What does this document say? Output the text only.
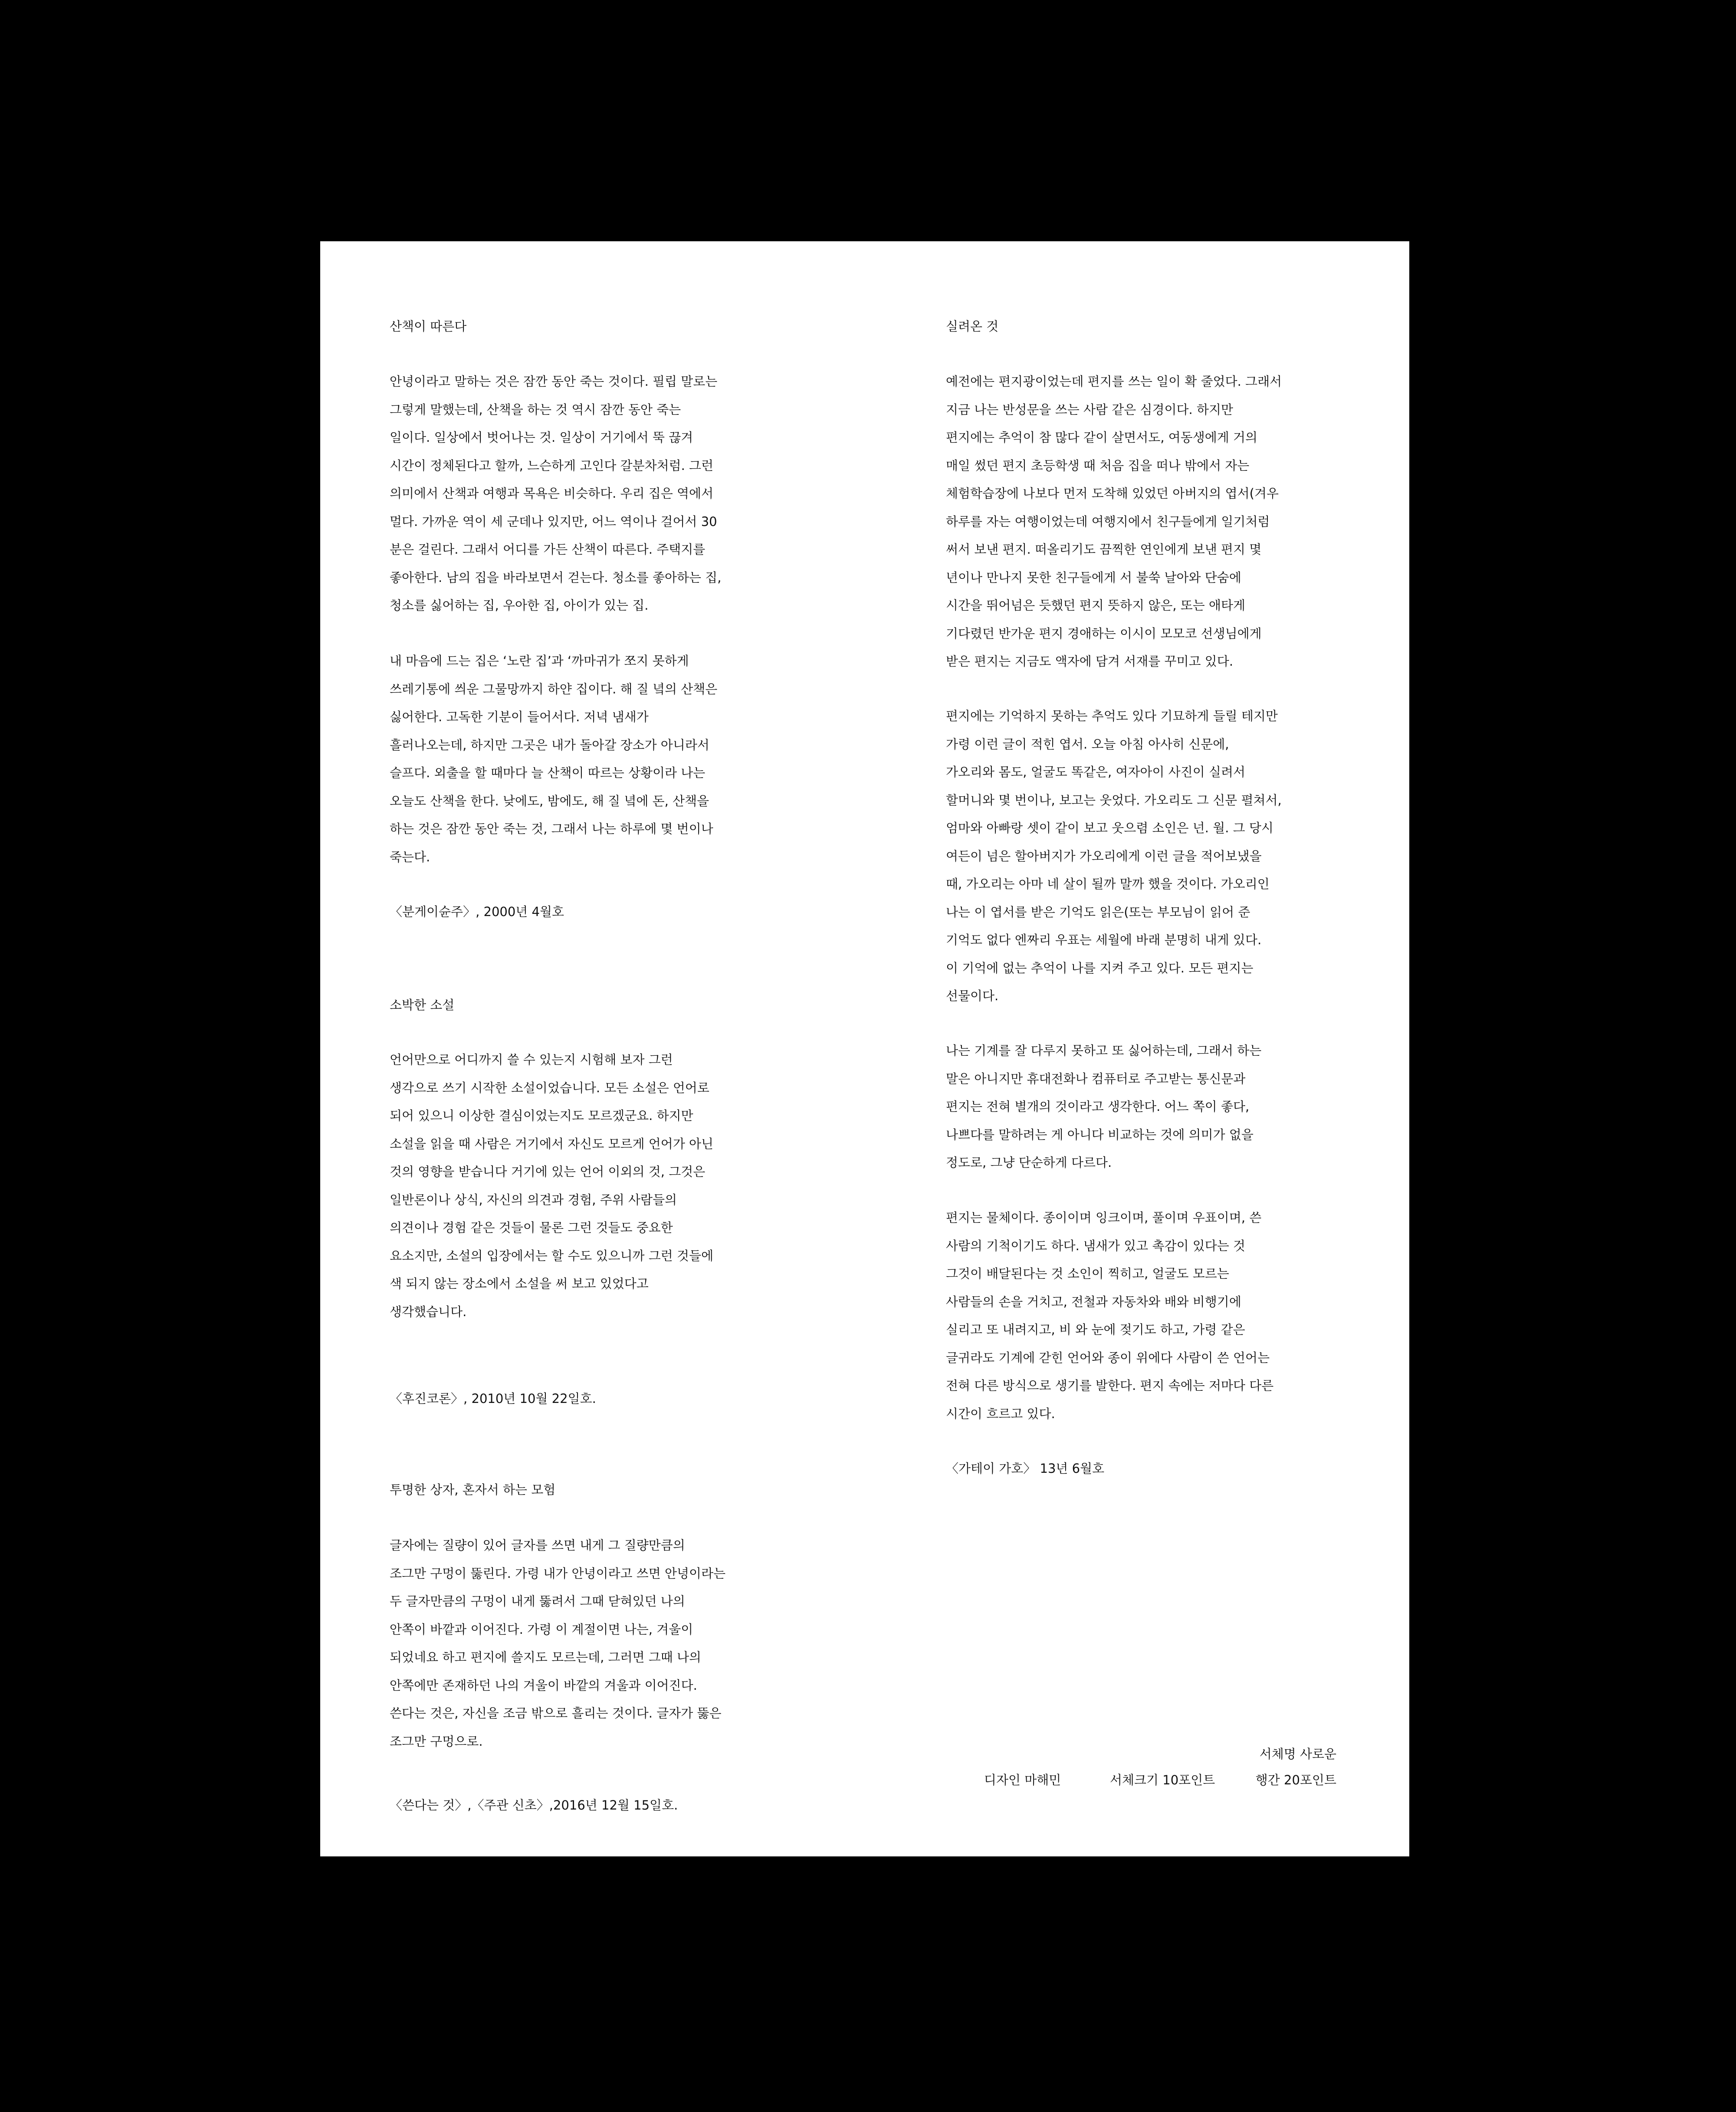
산책이 따른다

안녕이라고 말하는 것은 잠깐 동안 죽는 것이다. 필립 말로는
그렇게 말했는데, 산책을 하는 것 역시 잠깐 동안 죽는
일이다. 일상에서 벗어나는 것. 일상이 거기에서 뚝 끊겨
시간이 정체된다고 할까, 느슨하게 고인다 갈분차처럼. 그런
의미에서 산책과 여행과 목욕은 비슷하다. 우리 집은 역에서
멀다. 가까운 역이 세 군데나 있지만, 어느 역이나 걸어서 30
분은 걸린다. 그래서 어디를 가든 산책이 따른다. 주택지를
좋아한다. 남의 집을 바라보면서 걷는다. 청소를 좋아하는 집,
청소를 싫어하는 집, 우아한 집, 아이가 있는 집.

내 마음에 드는 집은 ‘노란 집’과 ‘까마귀가 쪼지 못하게
쓰레기통에 씌운 그물망까지 하얀 집이다. 해 질 녘의 산책은
싫어한다. 고독한 기분이 들어서다. 저녁 냄새가
흘러나오는데, 하지만 그곳은 내가 돌아갈 장소가 아니라서
슬프다. 외출을 할 때마다 늘 산책이 따르는 상황이라 나는
오늘도 산책을 한다. 낮에도, 밤에도, 해 질 녘에 돈, 산책을
하는 것은 잠깐 동안 죽는 것, 그래서 나는 하루에 몇 번이나
죽는다.

〈분게이슌주〉, 2000년 4월호
소박한 소설

언어만으로 어디까지 쓸 수 있는지 시험해 보자 그런
생각으로 쓰기 시작한 소설이었습니다. 모든 소설은 언어로
되어 있으니 이상한 결심이었는지도 모르겠군요. 하지만
소설을 읽을 때 사람은 거기에서 자신도 모르게 언어가 아닌
것의 영향을 받습니다 거기에 있는 언어 이외의 것, 그것은
일반론이나 상식, 자신의 의견과 경험, 주위 사람들의
의견이나 경험 같은 것들이 물론 그런 것들도 중요한
요소지만, 소설의 입장에서는 할 수도 있으니까 그런 것들에
색 되지 않는 장소에서 소설을 써 보고 있었다고
생각했습니다.

〈후진코론〉, 2010년 10월 22일호.
투명한 상자, 혼자서 하는 모험

글자에는 질량이 있어 글자를 쓰면 내게 그 질량만큼의
조그만 구멍이 뚫린다. 가령 내가 안녕이라고 쓰면 안녕이라는
두 글자만큼의 구멍이 내게 뚫려서 그때 닫혀있던 나의
안쪽이 바깥과 이어진다. 가령 이 계절이면 나는, 겨울이
되었네요 하고 편지에 쓸지도 모르는데, 그러면 그때 나의
안쪽에만 존재하던 나의 겨울이 바깥의 겨울과 이어진다.
쓴다는 것은, 자신을 조금 밖으로 흘리는 것이다. 글자가 뚫은
조그만 구멍으로.

〈쓴다는 것〉,〈주관 신초〉,2016년 12월 15일호.
실려온 것

예전에는 편지광이었는데 편지를 쓰는 일이 확 줄었다. 그래서
지금 나는 반성문을 쓰는 사람 같은 심경이다. 하지만
편지에는 추억이 참 많다 같이 살면서도, 여동생에게 거의
매일 썼던 편지 초등학생 때 처음 집을 떠나 밖에서 자는
체험학습장에 나보다 먼저 도착해 있었던 아버지의 엽서(겨우
하루를 자는 여행이었는데 여행지에서 친구들에게 일기처럼
써서 보낸 편지. 떠올리기도 끔찍한 연인에게 보낸 편지 몇
년이나 만나지 못한 친구들에게 서 불쑥 날아와 단숨에
시간을 뛰어넘은 듯했던 편지 뜻하지 않은, 또는 애타게
기다렸던 반가운 편지 경애하는 이시이 모모코 선생님에게
받은 편지는 지금도 액자에 담겨 서재를 꾸미고 있다.

편지에는 기억하지 못하는 추억도 있다 기묘하게 들릴 테지만
가령 이런 글이 적힌 엽서. 오늘 아침 아사히 신문에,
가오리와 몸도, 얼굴도 똑같은, 여자아이 사진이 실려서
할머니와 몇 번이나, 보고는 웃었다. 가오리도 그 신문 펼쳐서,
엄마와 아빠랑 셋이 같이 보고 웃으렴 소인은 넌. 월. 그 당시
여든이 넘은 할아버지가 가오리에게 이런 글을 적어보냈을
때, 가오리는 아마 네 살이 될까 말까 했을 것이다. 가오리인
나는 이 엽서를 받은 기억도 읽은(또는 부모님이 읽어 준
기억도 없다 엔짜리 우표는 세월에 바래 분명히 내게 있다.
이 기억에 없는 추억이 나를 지켜 주고 있다. 모든 편지는
선물이다.

나는 기계를 잘 다루지 못하고 또 싫어하는데, 그래서 하는
말은 아니지만 휴대전화나 컴퓨터로 주고받는 통신문과
편지는 전혀 별개의 것이라고 생각한다. 어느 쪽이 좋다,
나쁘다를 말하려는 게 아니다 비교하는 것에 의미가 없을
정도로, 그냥 단순하게 다르다.

편지는 물체이다. 종이이며 잉크이며, 풀이며 우표이며, 쓴
사람의 기척이기도 하다. 냄새가 있고 촉감이 있다는 것
그것이 배달된다는 것 소인이 찍히고, 얼굴도 모르는
사람들의 손을 거치고, 전철과 자동차와 배와 비행기에
실리고 또 내려지고, 비 와 눈에 젖기도 하고, 가령 같은
글귀라도 기계에 갇힌 언어와 종이 위에다 사람이 쓴 언어는
전혀 다른 방식으로 생기를 발한다. 편지 속에는 저마다 다른
시간이 흐르고 있다.

〈가테이 가호〉 13년 6월호
서체명 사로운
디자인 마해민	서체크기 10포인트	행간 20포인트
